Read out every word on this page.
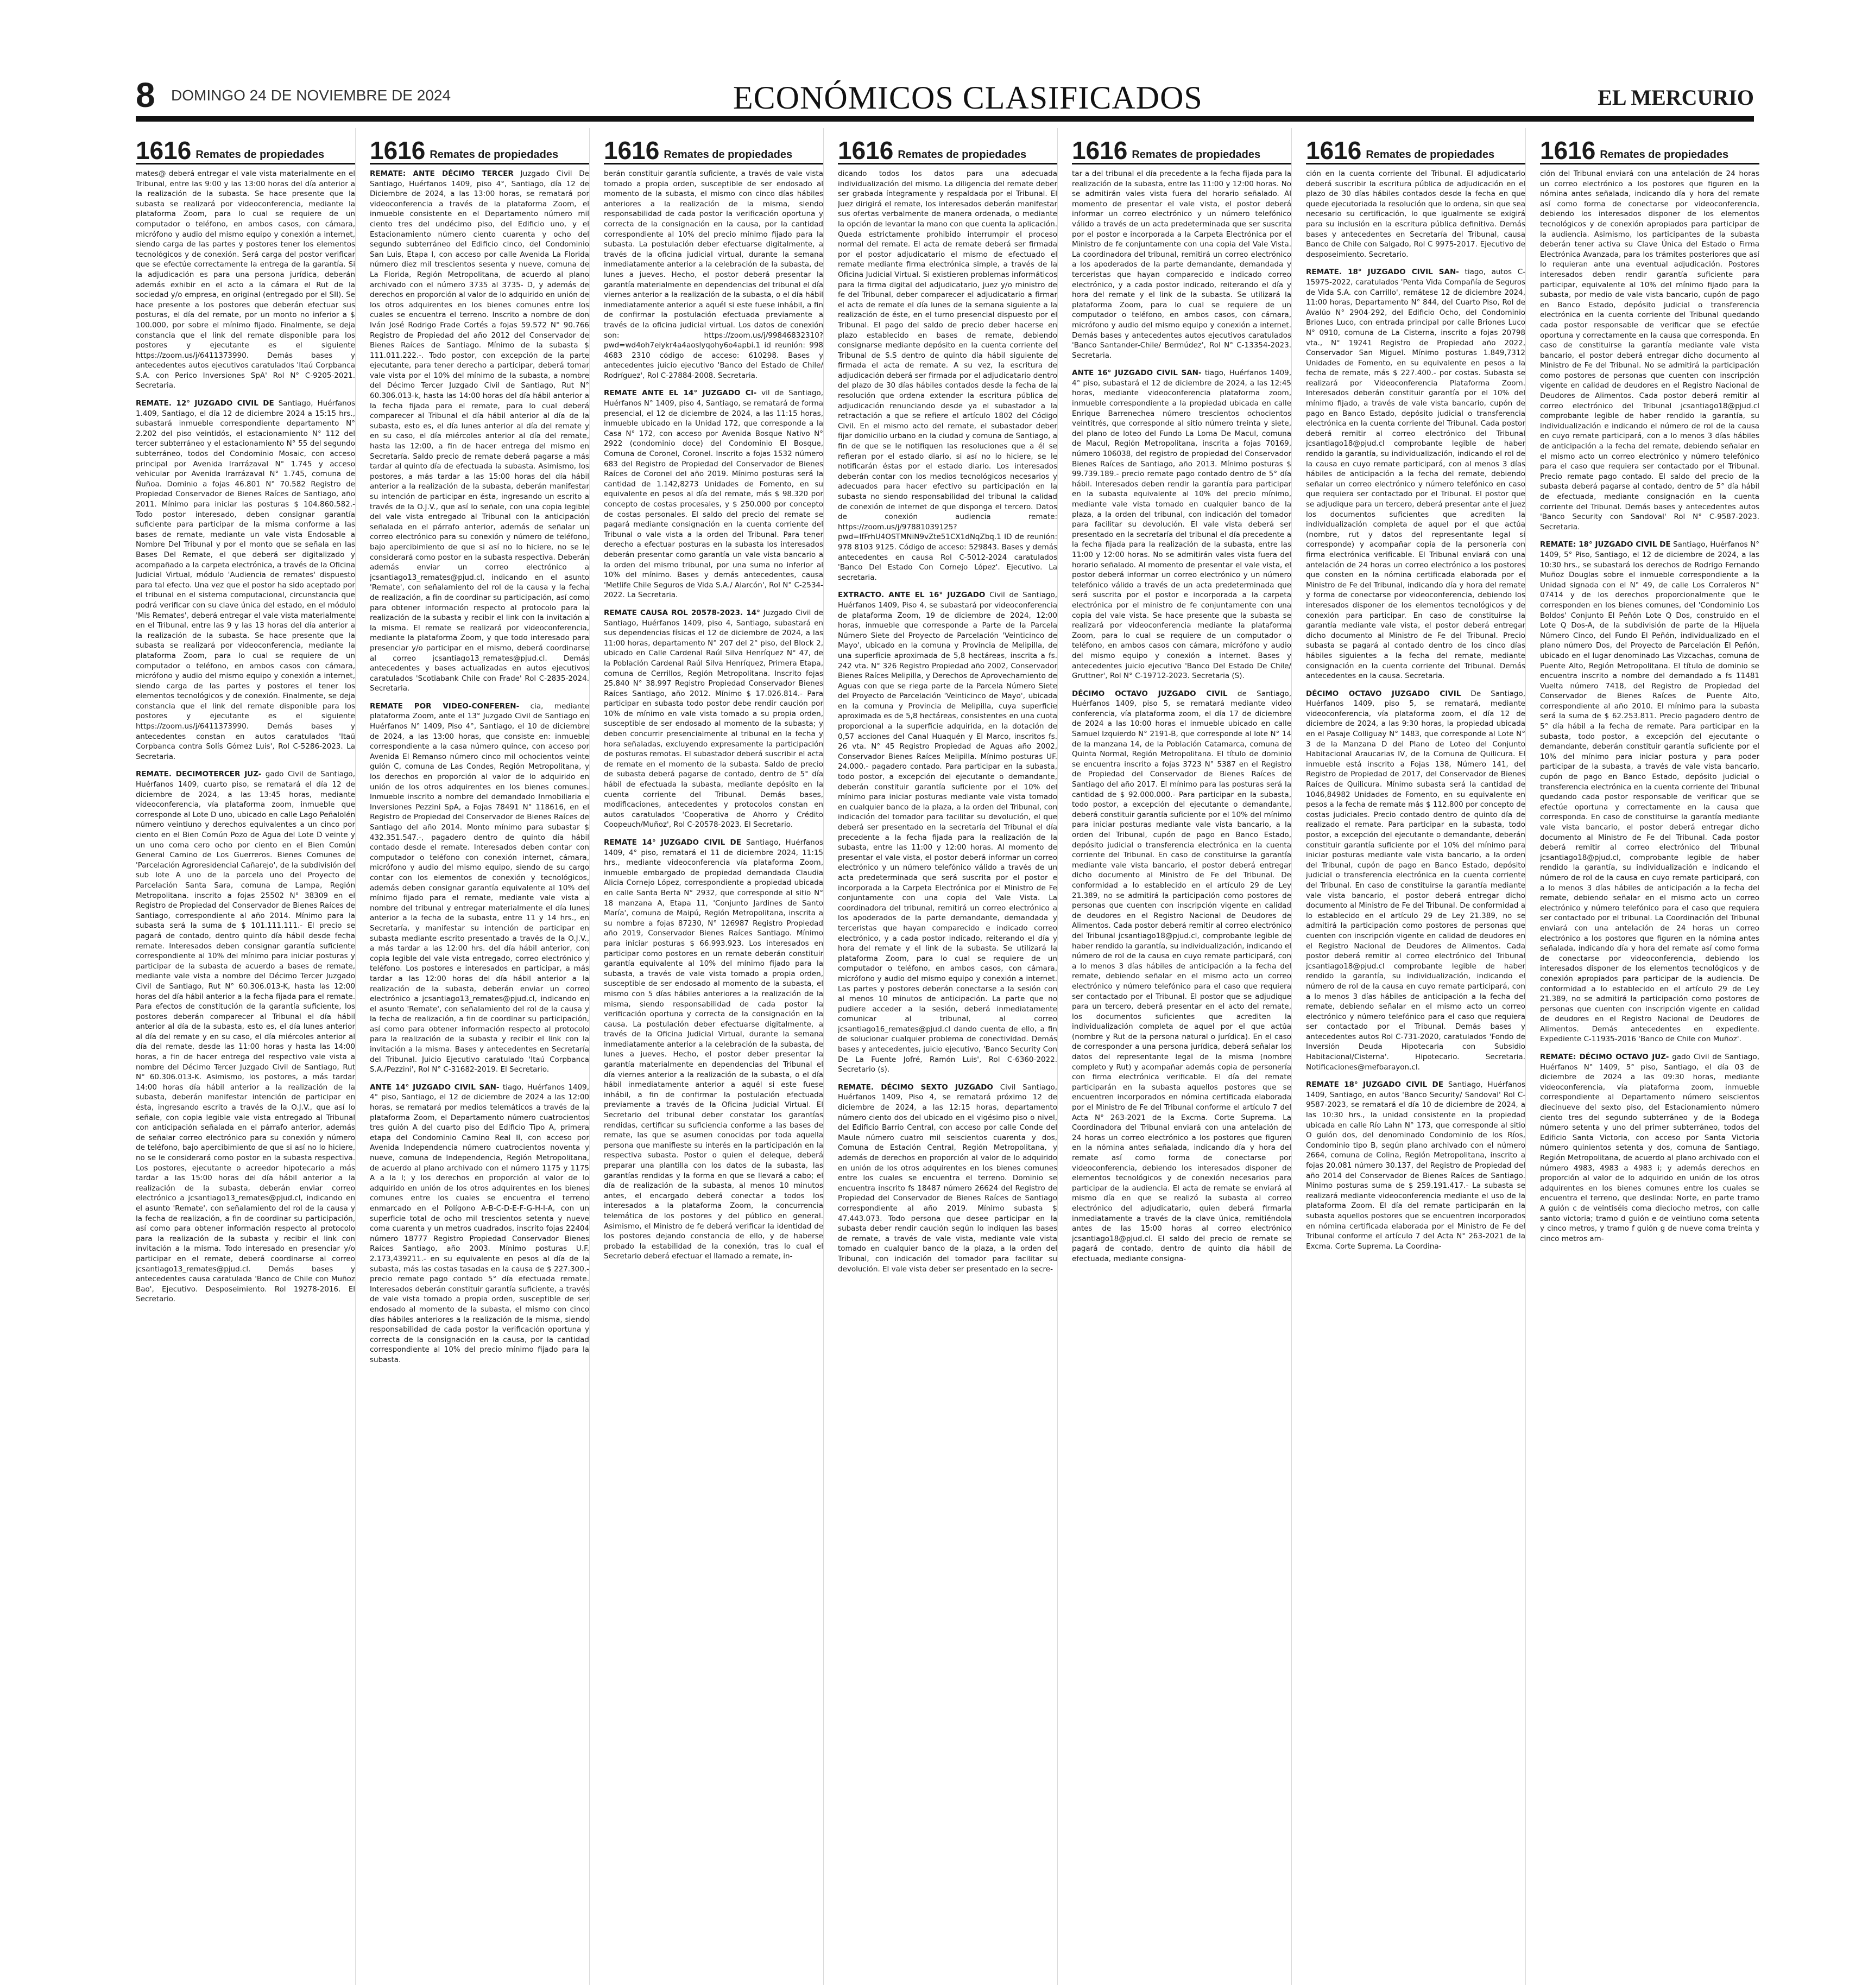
8 DOMINGO 24 DE NOVIEMBRE DE 2024	ECONÓMICOS CLASIFICADOS	EL MERCURIO
1616 Remates de propiedades

mates@ deberá entregar el vale vista materialmente en el Tribunal, entre las 9:00 y las 13:00 horas del día anterior a la realización de la subasta. Se hace presente que la subasta se realizará por videoconferencia, mediante la plataforma Zoom, para lo cual se requiere de un computador o teléfono, en ambos casos, con cámara, micrófono y audio del mismo equipo y conexión a internet, siendo carga de las partes y postores tener los elementos tecnológicos y de conexión. Será carga del postor verificar que se efectúe correctamente la entrega de la garantía. Si la adjudicación es para una persona jurídica, deberán además exhibir en el acto a la cámara el Rut de la sociedad y/o empresa, en original (entregado por el SII). Se hace presente a los postores que deberán efectuar sus posturas, el día del remate, por un monto no inferior a $ 100.000, por sobre el mínimo fijado. Finalmente, se deja constancia que el link del remate disponible para los postores y ejecutante es el siguiente https://zoom.us/j/6411373990. Demás bases y antecedentes autos ejecutivos caratulados 'Itaú Corpbanca S.A. con Perico Inversiones SpA' Rol N° C-9205-2021. Secretaria.

REMATE. 12° JUZGADO CIVIL DE Santiago, Huérfanos 1.409, Santiago, el día 12 de diciembre 2024 a 15:15 hrs., subastará inmueble correspondiente departamento N° 2.202 del piso veintidós, el estacionamiento N° 112 del tercer subterráneo y el estacionamiento N° 55 del segundo subterráneo, todos del Condominio Mosaic, con acceso principal por Avenida Irarrázaval N° 1.745 y acceso vehicular por Avenida Irarrázaval N° 1.745, comuna de Ñuñoa. Dominio a fojas 46.801 N° 70.582 Registro de Propiedad Conservador de Bienes Raíces de Santiago, año 2011. Mínimo para iniciar las posturas $ 104.860.582.- Todo postor interesado, deben consignar garantía suficiente para participar de la misma conforme a las bases de remate, mediante un vale vista Endosable a Nombre Del Tribunal y por el monto que se señala en las Bases Del Remate, el que deberá ser digitalizado y acompañado a la carpeta electrónica, a través de la Oficina Judicial Virtual, módulo 'Audiencia de remates' dispuesto para tal efecto. Una vez que el postor ha sido aceptado por el tribunal en el sistema computacional, circunstancia que podrá verificar con su clave única del estado, en el módulo 'Mis Remates', deberá entregar el vale vista materialmente en el Tribunal, entre las 9 y las 13 horas del día anterior a la realización de la subasta. Se hace presente que la subasta se realizará por videoconferencia, mediante la plataforma Zoom, para lo cual se requiere de un computador o teléfono, en ambos casos con cámara, micrófono y audio del mismo equipo y conexión a internet, siendo carga de las partes y postores el tener los elementos tecnológicos y de conexión. Finalmente, se deja constancia que el link del remate disponible para los postores y ejecutante es el siguiente https://zoom.us/j/6411373990. Demás bases y antecedentes constan en autos caratulados 'Itaú Corpbanca contra Solís Gómez Luis', Rol C-5286-2023. La Secretaria.

REMATE. DECIMOTERCER JUZ- gado Civil de Santiago, Huérfanos 1409, cuarto piso, se rematará el día 12 de diciembre de 2024, a las 13:45 horas, mediante videoconferencia, vía plataforma zoom, inmueble que corresponde al Lote D uno, ubicado en calle Lago Peñalolén número veintiuno y derechos equivalentes a un cinco por ciento en el Bien Común Pozo de Agua del Lote D veinte y un uno coma cero ocho por ciento en el Bien Común General Camino de Los Guerreros. Bienes Comunes de 'Parcelación Agroresidencial Cañarejo', de la subdivisión del sub lote A uno de la parcela uno del Proyecto de Parcelación Santa Sara, comuna de Lampa, Región Metropolitana. inscrito a fojas 25502 N° 38309 en el Registro de Propiedad del Conservador de Bienes Raíces de Santiago, correspondiente al año 2014. Mínimo para la subasta será la suma de $ 101.111.111.- El precio se pagará de contado, dentro quinto día hábil desde fecha remate. Interesados deben consignar garantía suficiente correspondiente al 10% del mínimo para iniciar posturas y participar de la subasta de acuerdo a bases de remate, mediante vale vista a nombre del Décimo Tercer Juzgado Civil de Santiago, Rut N° 60.306.013-K, hasta las 12:00 horas del día hábil anterior a la fecha fijada para el remate. Para efectos de constitución de la garantía suficiente, los postores deberán comparecer al Tribunal el día hábil anterior al día de la subasta, esto es, el día lunes anterior al día del remate y en su caso, el día miércoles anterior al día del remate, desde las 11:00 horas y hasta las 14:00 horas, a fin de hacer entrega del respectivo vale vista a nombre del Décimo Tercer Juzgado Civil de Santiago, Rut N° 60.306.013-K. Asimismo, los postores, a más tardar 14:00 horas día hábil anterior a la realización de la subasta, deberán manifestar intención de participar en ésta, ingresando escrito a través de la O.J.V., que así lo señale, con copia legible vale vista entregado al Tribunal con anticipación señalada en el párrafo anterior, además de señalar correo electrónico para su conexión y número de teléfono, bajo apercibimiento de que si así no lo hiciere, no se le considerará como postor en la subasta respectiva. Los postores, ejecutante o acreedor hipotecario a más tardar a las 15:00 horas del día hábil anterior a la realización de la subasta, deberán enviar correo electrónico a jcsantiago13_remates@pjud.cl, indicando en el asunto 'Remate', con señalamiento del rol de la causa y la fecha de realización, a fin de coordinar su participación, así como para obtener información respecto al protocolo para la realización de la subasta y recibir el link con invitación a la misma. Todo interesado en presenciar y/o participar en el remate, deberá coordinarse al correo jcsantiago13_remates@pjud.cl. Demás bases y antecedentes causa caratulada 'Banco de Chile con Muñoz Bao', Ejecutivo. Desposeimiento. Rol 19278-2016. El Secretario.

1616 Remates de propiedades

REMATE: ANTE DÉCIMO TERCER Juzgado Civil De Santiago, Huérfanos 1409, piso 4°, Santiago, día 12 de Diciembre de 2024, a las 13:00 horas, se rematará por videoconferencia a través de la plataforma Zoom, el inmueble consistente en el Departamento número mil ciento tres del undécimo piso, del Edificio uno, y el Estacionamiento número ciento cuarenta y ocho del segundo subterráneo del Edificio cinco, del Condominio San Luis, Etapa I, con acceso por calle Avenida La Florida número diez mil trescientos sesenta y nueve, comuna de La Florida, Región Metropolitana, de acuerdo al plano archivado con el número 3735 al 3735- D, y además de derechos en proporción al valor de lo adquirido en unión de los otros adquirentes en los bienes comunes entre los cuales se encuentra el terreno. Inscrito a nombre de don Iván José Rodrigo Frade Cortés a fojas 59.572 N° 90.766 Registro de Propiedad del año 2012 del Conservador de Bienes Raíces de Santiago. Mínimo de la subasta $ 111.011.222.-. Todo postor, con excepción de la parte ejecutante, para tener derecho a participar, deberá tomar vale vista por el 10% del mínimo de la subasta, a nombre del Décimo Tercer Juzgado Civil de Santiago, Rut N° 60.306.013-k, hasta las 14:00 horas del día hábil anterior a la fecha fijada para el remate, para lo cual deberá comparecer al Tribunal el día hábil anterior al día de la subasta, esto es, el día lunes anterior al día del remate y en su caso, el día miércoles anterior al día del remate, hasta las 12:00, a fin de hacer entrega del mismo en Secretaría. Saldo precio de remate deberá pagarse a más tardar al quinto día de efectuada la subasta. Asimismo, los postores, a más tardar a las 15:00 horas del día hábil anterior a la realización de la subasta, deberán manifestar su intención de participar en ésta, ingresando un escrito a través de la O.J.V., que así lo señale, con una copia legible del vale vista entregado al Tribunal con la anticipación señalada en el párrafo anterior, además de señalar un correo electrónico para su conexión y número de teléfono, bajo apercibimiento de que si así no lo hiciere, no se le considerará como postor en la subasta respectiva. Deberán además enviar un correo electrónico a jcsantiago13_remates@pjud.cl, indicando en el asunto 'Remate', con señalamiento del rol de la causa y la fecha de realización, a fin de coordinar su participación, así como para obtener información respecto al protocolo para la realización de la subasta y recibir el link con la invitación a la misma. El remate se realizará por videoconferencia, mediante la plataforma Zoom, y que todo interesado para presenciar y/o participar en el mismo, deberá coordinarse al correo jcsantiago13_remates@pjud.cl. Demás antecedentes y bases actualizadas en autos ejecutivos caratulados 'Scotiabank Chile con Frade' Rol C-2835-2024. Secretaria.

REMATE POR VIDEO-CONFEREN- cia, mediante plataforma Zoom, ante el 13° Juzgado Civil de Santiago en Huérfanos N° 1409, Piso 4°, Santiago, el 10 de diciembre de 2024, a las 13:00 horas, que consiste en: inmueble correspondiente a la casa número quince, con acceso por Avenida El Remanso número cinco mil ochocientos veinte guión C, comuna de Las Condes, Región Metropolitana, y los derechos en proporción al valor de lo adquirido en unión de los otros adquirentes en los bienes comunes. Inmueble inscrito a nombre del demandado Inmobiliaria e Inversiones Pezzini SpA, a Fojas 78491 N° 118616, en el Registro de Propiedad del Conservador de Bienes Raíces de Santiago del año 2014. Monto mínimo para subastar $ 432.351.547.-, pagadero dentro de quinto día hábil contado desde el remate. Interesados deben contar con computador o teléfono con conexión internet, cámara, micrófono y audio del mismo equipo, siendo de su cargo contar con los elementos de conexión y tecnológicos, además deben consignar garantía equivalente al 10% del mínimo fijado para el remate, mediante vale vista a nombre del tribunal y entregar materialmente el día lunes anterior a la fecha de la subasta, entre 11 y 14 hrs., en Secretaría, y manifestar su intención de participar en subasta mediante escrito presentado a través de la O.J.V., a más tardar a las 12:00 hrs. del día hábil anterior, con copia legible del vale vista entregado, correo electrónico y teléfono. Los postores e interesados en participar, a más tardar a las 12:00 horas del día hábil anterior a la realización de la subasta, deberán enviar un correo electrónico a jcsantiago13_remates@pjud.cl, indicando en el asunto 'Remate', con señalamiento del rol de la causa y la fecha de realización, a fin de coordinar su participación, así como para obtener información respecto al protocolo para la realización de la subasta y recibir el link con la invitación a la misma. Bases y antecedentes en Secretaría del Tribunal. Juicio Ejecutivo caratulado 'Itaú Corpbanca S.A./Pezzini', Rol N° C-31682-2019. El Secretario.

ANTE 14° JUZGADO CIVIL SAN- tiago, Huérfanos 1409, 4° piso, Santiago, el 12 de diciembre de 2024 a las 12:00 horas, se rematará por medios telemáticos a través de la plataforma Zoom, el Departamento número cuatrocientos tres guión A del cuarto piso del Edificio Tipo A, primera etapa del Condominio Camino Real II, con acceso por Avenida Independencia número cuatrocientos noventa y nueve, comuna de Independencia, Región Metropolitana, de acuerdo al plano archivado con el número 1175 y 1175 A a la I; y los derechos en proporción al valor de lo adquirido en unión de los otros adquirentes en los bienes comunes entre los cuales se encuentra el terreno enmarcado en el Polígono A-B-C-D-E-F-G-H-I-A, con un superficie total de ocho mil trescientos setenta y nueve coma cuarenta y un metros cuadrados, inscrito fojas 22404 número 18777 Registro Propiedad Conservador Bienes Raíces Santiago, año 2003. Mínimo posturas U.F. 2.173,439211.- en su equivalente en pesos al día de la subasta, más las costas tasadas en la causa de $ 227.300.- precio remate pago contado 5° día efectuada remate. Interesados deberán constituir garantía suficiente, a través de vale vista tomado a propia orden, susceptible de ser endosado al momento de la subasta, el mismo con cinco días hábiles anteriores a la realización de la misma, siendo responsabilidad de cada postor la verificación oportuna y correcta de la consignación en la causa, por la cantidad correspondiente al 10% del precio mínimo fijado para la subasta.

1616 Remates de propiedades

berán constituir garantía suficiente, a través de vale vista tomado a propia orden, susceptible de ser endosado al momento de la subasta, el mismo con cinco días hábiles anteriores a la realización de la misma, siendo responsabilidad de cada postor la verificación oportuna y correcta de la consignación en la causa, por la cantidad correspondiente al 10% del precio mínimo fijado para la subasta. La postulación deber efectuarse digitalmente, a través de la oficina judicial virtual, durante la semana inmediatamente anterior a la celebración de la subasta, de lunes a jueves. Hecho, el postor deberá presentar la garantía materialmente en dependencias del tribunal el día viernes anterior a la realización de la subasta, o el día hábil inmediatamente anterior a aquél si este fuese inhábil, a fin de confirmar la postulación efectuada previamente a través de la oficina judicial virtual. Los datos de conexión son: https://zoom.us/j/99846832310?pwd=wd4oh7eiykr4a4aoslyqohy6o4apbi.1 id reunión: 998 4683 2310 código de acceso: 610298. Bases y antecedentes juicio ejecutivo 'Banco del Estado de Chile/ Rodríguez', Rol C-27884-2008. Secretaria.

REMATE ANTE EL 14° JUZGADO CI- vil de Santiago, Huérfanos N° 1409, piso 4, Santiago, se rematará de forma presencial, el 12 de diciembre de 2024, a las 11:15 horas, inmueble ubicado en la Unidad 172, que corresponde a la Casa N° 172, con acceso por Avenida Bosque Nativo N° 2922 (condominio doce) del Condominio El Bosque, Comuna de Coronel, Coronel. Inscrito a fojas 1532 número 683 del Registro de Propiedad del Conservador de Bienes Raíces de Coronel del año 2019. Mínimo posturas será la cantidad de 1.142,8273 Unidades de Fomento, en su equivalente en pesos al día del remate, más $ 98.320 por concepto de costas procesales, y $ 250.000 por concepto de costas personales. El saldo del precio del remate se pagará mediante consignación en la cuenta corriente del Tribunal o vale vista a la orden del Tribunal. Para tener derecho a efectuar posturas en la subasta los interesados deberán presentar como garantía un vale vista bancario a la orden del mismo tribunal, por una suma no inferior al 10% del mínimo. Bases y demás antecedentes, causa 'Metlife Chile Seguros de Vida S.A./ Alarcón', Rol N° C-2534-2022. La Secretaria.

REMATE CAUSA ROL 20578-2023. 14° Juzgado Civil de Santiago, Huérfanos 1409, piso 4, Santiago, subastará en sus dependencias físicas el 12 de diciembre de 2024, a las 11:00 horas, departamento N° 207 del 2° piso, del Block 2, ubicado en Calle Cardenal Raúl Silva Henríquez N° 47, de la Población Cardenal Raúl Silva Henríquez, Primera Etapa, comuna de Cerrillos, Región Metropolitana. Inscrito fojas 25.840 N° 38.997 Registro Propiedad Conservador Bienes Raíces Santiago, año 2012. Mínimo $ 17.026.814.- Para participar en subasta todo postor debe rendir caución por 10% de mínimo en vale vista tomado a su propia orden, susceptible de ser endosado al momento de la subasta; y deben concurrir presencialmente al tribunal en la fecha y hora señaladas, excluyendo expresamente la participación de posturas remotas. El subastador deberá suscribir el acta de remate en el momento de la subasta. Saldo de precio de subasta deberá pagarse de contado, dentro de 5° día hábil de efectuada la subasta, mediante depósito en la cuenta corriente del Tribunal. Demás bases, modificaciones, antecedentes y protocolos constan en autos caratulados 'Cooperativa de Ahorro y Crédito Coopeuch/Muñoz', Rol C-20578-2023. El Secretario.

REMATE 14° JUZGADO CIVIL DE Santiago, Huérfanos 1409, 4° piso, rematará el 11 de diciembre 2024, 11:15 hrs., mediante videoconferencia vía plataforma Zoom, inmueble embargado de propiedad demandada Claudia Alicia Cornejo López, correspondiente a propiedad ubicada en calle Santa Berta N° 2932, que corresponde al sitio N° 18 manzana A, Etapa 11, 'Conjunto Jardines de Santo María', comuna de Maipú, Región Metropolitana, inscrita a su nombre a fojas 87230, N° 126987 Registro Propiedad año 2019, Conservador Bienes Raíces Santiago. Mínimo para iniciar posturas $ 66.993.923. Los interesados en participar como postores en un remate deberán constituir garantía equivalente al 10% del mínimo fijado para la subasta, a través de vale vista tomado a propia orden, susceptible de ser endosado al momento de la subasta, el mismo con 5 días hábiles anteriores a la realización de la misma, siendo responsabilidad de cada postor la verificación oportuna y correcta de la consignación en la causa. La postulación deber efectuarse digitalmente, a través de la Oficina Judicial Virtual, durante la semana inmediatamente anterior a la celebración de la subasta, de lunes a jueves. Hecho, el postor deber presentar la garantía materialmente en dependencias del Tribunal el día viernes anterior a la realización de la subasta, o el día hábil inmediatamente anterior a aquél si este fuese inhábil, a fin de confirmar la postulación efectuada previamente a través de la Oficina Judicial Virtual. El Secretario del tribunal deber constatar los garantías rendidas, certificar su suficiencia conforme a las bases de remate, las que se asumen conocidas por toda aquella persona que manifieste su interés en la participación en la respectiva subasta. Postor o quien el deleque, deberá preparar una plantilla con los datos de la subasta, las garantías rendidas y la forma en que se llevará a cabo; el día de realización de la subasta, al menos 10 minutos antes, el encargado deberá conectar a todos los interesados a la plataforma Zoom, la concurrencia telemática de los postores y del público en general. Asimismo, el Ministro de fe deberá verificar la identidad de los postores dejando constancia de ello, y de haberse probado la estabilidad de la conexión, tras lo cual el Secretario deberá efectuar el llamado a remate, in-

1616 Remates de propiedades

dicando todos los datos para una adecuada individualización del mismo. La diligencia del remate deber ser grabada íntegramente y respaldada por el Tribunal. El Juez dirigirá el remate, los interesados deberán manifestar sus ofertas verbalmente de manera ordenada, o mediante la opción de levantar la mano con que cuenta la aplicación. Queda estrictamente prohibido interrumpir el proceso normal del remate. El acta de remate deberá ser firmada por el postor adjudicatario el mismo de efectuado el remate mediante firma electrónica simple, a través de la Oficina Judicial Virtual. Si existieren problemas informáticos para la firma digital del adjudicatario, juez y/o ministro de fe del Tribunal, deber comparecer el adjudicatario a firmar el acta de remate el día lunes de la semana siguiente a la realización de éste, en el turno presencial dispuesto por el Tribunal. El pago del saldo de precio deber hacerse en plazo establecido en bases de remate, debiendo consignarse mediante depósito en la cuenta corriente del Tribunal de S.S dentro de quinto día hábil siguiente de firmada el acta de remate. A su vez, la escritura de adjudicación deberá ser firmada por el adjudicatario dentro del plazo de 30 días hábiles contados desde la fecha de la resolución que ordena extender la escritura pública de adjudicación renunciando desde ya el subastador a la retractación a que se refiere el artículo 1802 del Código Civil. En el mismo acto del remate, el subastador deber fijar domicilio urbano en la ciudad y comuna de Santiago, a fin de que se le notifiquen las resoluciones que a él se refieran por el estado diario, si así no lo hiciere, se le notificarán éstas por el estado diario. Los interesados deberán contar con los medios tecnológicos necesarios y adecuados para hacer efectivo su participación en la subasta no siendo responsabilidad del tribunal la calidad de conexión de internet de que disponga el tercero. Datos de conexión audiencia remate: https://zoom.us/j/97881039125?pwd=IfFrhU4OSTMNiN9vZte51CX1dNqZbq.1 ID de reunión: 978 8103 9125. Código de acceso: 529843. Bases y demás antecedentes en causa Rol C-5012-2024 caratulados 'Banco Del Estado Con Cornejo López'. Ejecutivo. La secretaria.

EXTRACTO. ANTE EL 16° JUZGADO Civil de Santiago, Huérfanos 1409, Piso 4, se subastará por videoconferencia de plataforma Zoom, 19 de diciembre de 2024, 12:00 horas, inmueble que corresponde a Parte de la Parcela Número Siete del Proyecto de Parcelación 'Veinticinco de Mayo', ubicado en la comuna y Provincia de Melipilla, de una superficie aproximada de 5,8 hectáreas, inscrita a fs. 242 vta. N° 326 Registro Propiedad año 2002, Conservador Bienes Raíces Melipilla, y Derechos de Aprovechamiento de Aguas con que se riega parte de la Parcela Número Siete del Proyecto de Parcelación 'Veinticinco de Mayo', ubicada en la comuna y Provincia de Melipilla, cuya superficie aproximada es de 5,8 hectáreas, consistentes en una cuota proporcional a la superficie adquirida, en la dotación de 0,57 acciones del Canal Huaquén y El Marco, inscritos fs. 26 vta. N° 45 Registro Propiedad de Aguas año 2002, Conservador Bienes Raíces Melipilla. Mínimo posturas UF. 24.000.- pagadero contado. Para participar en la subasta, todo postor, a excepción del ejecutante o demandante, deberán constituir garantía suficiente por el 10% del mínimo para iniciar posturas mediante vale vista tomado en cualquier banco de la plaza, a la orden del Tribunal, con indicación del tomador para facilitar su devolución, el que deberá ser presentado en la secretaría del Tribunal el día precedente a la fecha fijada para la realización de la subasta, entre las 11:00 y 12:00 horas. Al momento de presentar el vale vista, el postor deberá informar un correo electrónico y un número telefónico válido a través de un acta predeterminada que será suscrita por el postor e incorporada a la Carpeta Electrónica por el Ministro de Fe conjuntamente con una copia del Vale Vista. La coordinadora del tribunal, remitirá un correo electrónico a los apoderados de la parte demandante, demandada y terceristas que hayan comparecido e indicado correo electrónico, y a cada postor indicado, reiterando el día y hora del remate y el link de la subasta. Se utilizará la plataforma Zoom, para lo cual se requiere de un computador o teléfono, en ambos casos, con cámara, micrófono y audio del mismo equipo y conexión a internet. Las partes y postores deberán conectarse a la sesión con al menos 10 minutos de anticipación. La parte que no pudiere acceder a la sesión, deberá inmediatamente comunicar al tribunal, al correo jcsantiago16_remates@pjud.cl dando cuenta de ello, a fin de solucionar cualquier problema de conectividad. Demás bases y antecedentes, juicio ejecutivo, 'Banco Security Con De La Fuente Jofré, Ramón Luis', Rol C-6360-2022. Secretario (s).

REMATE. DÉCIMO SEXTO JUZGADO Civil Santiago, Huérfanos 1409, Piso 4, se rematará próximo 12 de diciembre de 2024, a las 12:15 horas, departamento número ciento dos del ubicado en el vigésimo piso o nivel, del Edificio Barrio Central, con acceso por calle Conde del Maule número cuatro mil seiscientos cuarenta y dos, Comuna de Estación Central, Región Metropolitana, y además de derechos en proporción al valor de lo adquirido en unión de los otros adquirentes en los bienes comunes entre los cuales se encuentra el terreno. Dominio se encuentra inscrito fs 18487 número 26624 del Registro de Propiedad del Conservador de Bienes Raíces de Santiago correspondiente al año 2019. Mínimo subasta $ 47.443.073. Todo persona que desee participar en la subasta deber rendir caución según lo indiquen las bases de remate, a través de vale vista, mediante vale vista tomado en cualquier banco de la plaza, a la orden del Tribunal, con indicación del tomador para facilitar su devolución. El vale vista deber ser presentado en la secre-

1616 Remates de propiedades

tar a del tribunal el día precedente a la fecha fijada para la realización de la subasta, entre las 11:00 y 12:00 horas. No se admitirán vales vista fuera del horario señalado. Al momento de presentar el vale vista, el postor deberá informar un correo electrónico y un número telefónico válido a través de un acta predeterminada que ser suscrita por el postor e incorporada a la Carpeta Electrónica por el Ministro de fe conjuntamente con una copia del Vale Vista. La coordinadora del tribunal, remitirá un correo electrónico a los apoderados de la parte demandante, demandada y terceristas que hayan comparecido e indicado correo electrónico, y a cada postor indicado, reiterando el día y hora del remate y el link de la subasta. Se utilizará la plataforma Zoom, para lo cual se requiere de un computador o teléfono, en ambos casos, con cámara, micrófono y audio del mismo equipo y conexión a internet. Demás bases y antecedentes autos ejecutivos caratulados 'Banco Santander-Chile/ Bermúdez', Rol N° C-13354-2023. Secretaria.

ANTE 16° JUZGADO CIVIL SAN- tiago, Huérfanos 1409, 4° piso, subastará el 12 de diciembre de 2024, a las 12:45 horas, mediante videoconferencia plataforma zoom, inmueble correspondiente a la propiedad ubicada en calle Enrique Barrenechea número trescientos ochocientos veintitrés, que corresponde al sitio número treinta y siete, del plano de loteo del Fundo La Loma De Macul, comuna de Macul, Región Metropolitana, inscrita a fojas 70169, número 106038, del registro de propiedad del Conservador Bienes Raíces de Santiago, año 2013. Mínimo posturas $ 99.739.189.- precio remate pago contado dentro de 5° día hábil. Interesados deben rendir la garantía para participar en la subasta equivalente al 10% del precio mínimo, mediante vale vista tomado en cualquier banco de la plaza, a la orden del tribunal, con indicación del tomador para facilitar su devolución. El vale vista deberá ser presentado en la secretaría del tribunal el día precedente a la fecha fijada para la realización de la subasta, entre las 11:00 y 12:00 horas. No se admitirán vales vista fuera del horario señalado. Al momento de presentar el vale vista, el postor deberá informar un correo electrónico y un número telefónico válido a través de un acta predeterminada que será suscrita por el postor e incorporada a la carpeta electrónica por el ministro de fe conjuntamente con una copia del vale vista. Se hace presente que la subasta se realizará por videoconferencia mediante la plataforma Zoom, para lo cual se requiere de un computador o teléfono, en ambos casos con cámara, micrófono y audio del mismo equipo y conexión a internet. Bases y antecedentes juicio ejecutivo 'Banco Del Estado De Chile/ Gruttner', Rol N° C-19712-2023. Secretaria (S).

DÉCIMO OCTAVO JUZGADO CIVIL de Santiago, Huérfanos 1409, piso 5, se rematará mediante video conferencia, vía plataforma zoom, el día 17 de diciembre de 2024 a las 10:00 horas el inmueble ubicado en calle Samuel Izquierdo N° 2191-B, que corresponde al lote N° 14 de la manzana 14, de la Población Catamarca, comuna de Quinta Normal, Región Metropolitana. El título de dominio se encuentra inscrito a fojas 3723 N° 5387 en el Registro de Propiedad del Conservador de Bienes Raíces de Santiago del año 2017. El mínimo para las posturas será la cantidad de $ 92.000.000.- Para participar en la subasta, todo postor, a excepción del ejecutante o demandante, deberá constituir garantía suficiente por el 10% del mínimo para iniciar posturas mediante vale vista bancario, a la orden del Tribunal, cupón de pago en Banco Estado, depósito judicial o transferencia electrónica en la cuenta corriente del Tribunal. En caso de constituirse la garantía mediante vale vista bancario, el postor deberá entregar dicho documento al Ministro de Fe del Tribunal. De conformidad a lo establecido en el artículo 29 de Ley 21.389, no se admitirá la participación como postores de personas que cuenten con inscripción vigente en calidad de deudores en el Registro Nacional de Deudores de Alimentos. Cada postor deberá remitir al correo electrónico del Tribunal jcsantiago18@pjud.cl, comprobante legible de haber rendido la garantía, su individualización, indicando el número de rol de la causa en cuyo remate participará, con a lo menos 3 días hábiles de anticipación a la fecha del remate, debiendo señalar en el mismo acto un correo electrónico y número telefónico para el caso que requiera ser contactado por el Tribunal. El postor que se adjudique para un tercero, deberá presentar en el acto del remate, los documentos suficientes que acrediten la individualización completa de aquel por el que actúa (nombre y Rut de la persona natural o jurídica). En el caso de corresponder a una persona jurídica, deberá señalar los datos del representante legal de la misma (nombre completo y Rut) y acompañar además copia de personería con firma electrónica verificable. El día del remate participarán en la subasta aquellos postores que se encuentren incorporados en nómina certificada elaborada por el Ministro de Fe del Tribunal conforme el artículo 7 del Acta N° 263-2021 de la Excma. Corte Suprema. La Coordinadora del Tribunal enviará con una antelación de 24 horas un correo electrónico a los postores que figuren en la nómina antes señalada, indicando día y hora del remate así como forma de conectarse por videoconferencia, debiendo los interesados disponer de elementos tecnológicos y de conexión necesarios para participar de la audiencia. El acta de remate se enviará al mismo día en que se realizó la subasta al correo electrónico del adjudicatario, quien deberá firmarla inmediatamente a través de la clave única, remitiéndola antes de las 15:00 horas al correo electrónico jcsantiago18@pjud.cl. El saldo del precio de remate se pagará de contado, dentro de quinto día hábil de efectuada, mediante consigna-

1616 Remates de propiedades

ción en la cuenta corriente del Tribunal. El adjudicatario deberá suscribir la escritura pública de adjudicación en el plazo de 30 días hábiles contados desde la fecha en que quede ejecutoriada la resolución que lo ordena, sin que sea necesario su certificación, lo que igualmente se exigirá para su inclusión en la escritura pública definitiva. Demás bases y antecedentes en Secretaría del Tribunal, causa Banco de Chile con Salgado, Rol C 9975-2017. Ejecutivo de desposeimiento. Secretario.

REMATE. 18° JUZGADO CIVIL SAN- tiago, autos C-15975-2022, caratulados 'Penta Vida Compañía de Seguros de Vida S.A. con Carrillo', remátese 12 de diciembre 2024, 11:00 horas, Departamento N° 844, del Cuarto Piso, Rol de Avalúo N° 2904-292, del Edificio Ocho, del Condominio Briones Luco, con entrada principal por calle Briones Luco N° 0910, comuna de La Cisterna, inscrito a fojas 20798 vta., N° 19241 Registro de Propiedad año 2022, Conservador San Miguel. Mínimo posturas 1.849,7312 Unidades de Fomento, en su equivalente en pesos a la fecha de remate, más $ 227.400.- por costas. Subasta se realizará por Videoconferencia Plataforma Zoom. Interesados deberán constituir garantía por el 10% del mínimo fijado, a través de vale vista bancario, cupón de pago en Banco Estado, depósito judicial o transferencia electrónica en la cuenta corriente del Tribunal. Cada postor deberá remitir al correo electrónico del Tribunal jcsantiago18@pjud.cl comprobante legible de haber rendido la garantía, su individualización, indicando el rol de la causa en cuyo remate participará, con al menos 3 días hábiles de anticipación a la fecha del remate, debiendo señalar un correo electrónico y número telefónico en caso que requiera ser contactado por el Tribunal. El postor que se adjudique para un tercero, deberá presentar ante el juez los documentos suficientes que acrediten la individualización completa de aquel por el que actúa (nombre, rut y datos del representante legal si corresponde) y acompañar copia de la personería con firma electrónica verificable. El Tribunal enviará con una antelación de 24 horas un correo electrónico a los postores que consten en la nómina certificada elaborada por el Ministro de Fe del Tribunal, indicando día y hora del remate y forma de conectarse por videoconferencia, debiendo los interesados disponer de los elementos tecnológicos y de conexión para participar. En caso de constituirse la garantía mediante vale vista, el postor deberá entregar dicho documento al Ministro de Fe del Tribunal. Precio subasta se pagará al contado dentro de los cinco días hábiles siguientes a la fecha del remate, mediante consignación en la cuenta corriente del Tribunal. Demás antecedentes en la causa. Secretaria.

DÉCIMO OCTAVO JUZGADO CIVIL De Santiago, Huérfanos 1409, piso 5, se rematará, mediante videoconferencia, vía plataforma zoom, el día 12 de diciembre de 2024, a las 9:30 horas, la propiedad ubicada en el Pasaje Colliguay N° 1483, que corresponde al Lote N° 3 de la Manzana D del Plano de Loteo del Conjunto Habitacional Araucarias IV, de la Comuna de Quilicura. El inmueble está inscrito a Fojas 138, Número 141, del Registro de Propiedad de 2017, del Conservador de Bienes Raíces de Quilicura. Mínimo subasta será la cantidad de 1046,84982 Unidades de Fomento, en su equivalente en pesos a la fecha de remate más $ 112.800 por concepto de costas judiciales. Precio contado dentro de quinto día de realizado el remate. Para participar en la subasta, todo postor, a excepción del ejecutante o demandante, deberán constituir garantía suficiente por el 10% del mínimo para iniciar posturas mediante vale vista bancario, a la orden del Tribunal, cupón de pago en Banco Estado, depósito judicial o transferencia electrónica en la cuenta corriente del Tribunal. En caso de constituirse la garantía mediante vale vista bancario, el postor deberá entregar dicho documento al Ministro de Fe del Tribunal. De conformidad a lo establecido en el artículo 29 de Ley 21.389, no se admitirá la participación como postores de personas que cuenten con inscripción vigente en calidad de deudores en el Registro Nacional de Deudores de Alimentos. Cada postor deberá remitir al correo electrónico del Tribunal jcsantiago18@pjud.cl comprobante legible de haber rendido la garantía, su individualización, indicando el número de rol de la causa en cuyo remate participará, con a lo menos 3 días hábiles de anticipación a la fecha del remate, debiendo señalar en el mismo acto un correo electrónico y número telefónico para el caso que requiera ser contactado por el Tribunal. Demás bases y antecedentes autos Rol C-731-2020, caratulados 'Fondo de Inversión Deuda Hipotecaria con Subsidio Habitacional/Cisterna'. Hipotecario. Secretaria. Notificaciones@mefbarayon.cl.

REMATE 18° JUZGADO CIVIL DE Santiago, Huérfanos 1409, Santiago, en autos 'Banco Security/ Sandoval' Rol C-9587-2023, se rematará el día 10 de diciembre de 2024, a las 10:30 hrs., la unidad consistente en la propiedad ubicada en calle Río Lahn N° 173, que corresponde al sitio O guión dos, del denominado Condominio de los Ríos, Condominio tipo B, según plano archivado con el número 2664, comuna de Colina, Región Metropolitana, inscrito a fojas 20.081 número 30.137, del Registro de Propiedad del año 2014 del Conservador de Bienes Raíces de Santiago. Mínimo posturas suma de $ 259.191.417.- La subasta se realizará mediante videoconferencia mediante el uso de la plataforma Zoom. El día del remate participarán en la subasta aquellos postores que se encuentren incorporados en nómina certificada elaborada por el Ministro de Fe del Tribunal conforme el artículo 7 del Acta N° 263-2021 de la Excma. Corte Suprema. La Coordina-

1616 Remates de propiedades

ción del Tribunal enviará con una antelación de 24 horas un correo electrónico a los postores que figuren en la nómina antes señalada, indicando día y hora del remate así como forma de conectarse por videoconferencia, debiendo los interesados disponer de los elementos tecnológicos y de conexión apropiados para participar de la audiencia. Asimismo, los participantes de la subasta deberán tener activa su Clave Única del Estado o Firma Electrónica Avanzada, para los trámites posteriores que así lo requieran ante una eventual adjudicación. Postores interesados deben rendir garantía suficiente para participar, equivalente al 10% del mínimo fijado para la subasta, por medio de vale vista bancario, cupón de pago en Banco Estado, depósito judicial o transferencia electrónica en la cuenta corriente del Tribunal quedando cada postor responsable de verificar que se efectúe oportuna y correctamente en la causa que corresponda. En caso de constituirse la garantía mediante vale vista bancario, el postor deberá entregar dicho documento al Ministro de Fe del Tribunal. No se admitirá la participación como postores de personas que cuenten con inscripción vigente en calidad de deudores en el Registro Nacional de Deudores de Alimentos. Cada postor deberá remitir al correo electrónico del Tribunal jcsantiago18@pjud.cl comprobante legible de haber rendido la garantía, su individualización e indicando el número de rol de la causa en cuyo remate participará, con a lo menos 3 días hábiles de anticipación a la fecha del remate, debiendo señalar en el mismo acto un correo electrónico y número telefónico para el caso que requiera ser contactado por el Tribunal. Precio remate pago contado. El saldo del precio de la subasta deberá pagarse al contado, dentro de 5° día hábil de efectuada, mediante consignación en la cuenta corriente del Tribunal. Demás bases y antecedentes autos 'Banco Security con Sandoval' Rol N° C-9587-2023. Secretaria.

REMATE: 18° JUZGADO CIVIL DE Santiago, Huérfanos N° 1409, 5° Piso, Santiago, el 12 de diciembre de 2024, a las 10:30 hrs., se subastará los derechos de Rodrigo Fernando Muñoz Douglas sobre el inmueble correspondiente a la Unidad signada con el N° 49, de calle Los Corraleros N° 07414 y de los derechos proporcionalmente que le corresponden en los bienes comunes, del 'Condominio Los Boldos' Conjunto El Peñón Lote Q Dos, construido en el Lote Q Dos-A, de la subdivisión de parte de la Hijuela Número Cinco, del Fundo El Peñón, individualizado en el plano número Dos, del Proyecto de Parcelación El Peñón, ubicado en el lugar denominado Las Vizcachas, comuna de Puente Alto, Región Metropolitana. El título de dominio se encuentra inscrito a nombre del demandado a fs 11481 Vuelta número 7418, del Registro de Propiedad del Conservador de Bienes Raíces de Puente Alto, correspondiente al año 2010. El mínimo para la subasta será la suma de $ 62.253.811. Precio pagadero dentro de 5° día hábil a la fecha de remate. Para participar en la subasta, todo postor, a excepción del ejecutante o demandante, deberán constituir garantía suficiente por el 10% del mínimo para iniciar postura y para poder participar de la subasta, a través de vale vista bancario, cupón de pago en Banco Estado, depósito judicial o transferencia electrónica en la cuenta corriente del Tribunal quedando cada postor responsable de verificar que se efectúe oportuna y correctamente en la causa que corresponda. En caso de constituirse la garantía mediante vale vista bancario, el postor deberá entregar dicho documento al Ministro de Fe del Tribunal. Cada postor deberá remitir al correo electrónico del Tribunal jcsantiago18@pjud.cl, comprobante legible de haber rendido la garantía, su individualización e indicando el número de rol de la causa en cuyo remate participará, con a lo menos 3 días hábiles de anticipación a la fecha del remate, debiendo señalar en el mismo acto un correo electrónico y número telefónico para el caso que requiera ser contactado por el tribunal. La Coordinación del Tribunal enviará con una antelación de 24 horas un correo electrónico a los postores que figuren en la nómina antes señalada, indicando día y hora del remate así como forma de conectarse por videoconferencia, debiendo los interesados disponer de los elementos tecnológicos y de conexión apropiados para participar de la audiencia. De conformidad a lo establecido en el artículo 29 de Ley 21.389, no se admitirá la participación como postores de personas que cuenten con inscripción vigente en calidad de deudores en el Registro Nacional de Deudores de Alimentos. Demás antecedentes en expediente. Expediente C-11935-2016 'Banco de Chile con Muñoz'.

REMATE: DÉCIMO OCTAVO JUZ- gado Civil de Santiago, Huérfanos N° 1409, 5° piso, Santiago, el día 03 de diciembre de 2024 a las 09:30 horas, mediante videoconferencia, vía plataforma zoom, inmueble correspondiente al Departamento número seiscientos diecinueve del sexto piso, del Estacionamiento número ciento tres del segundo subterráneo y de la Bodega número setenta y uno del primer subterráneo, todos del Edificio Santa Victoria, con acceso por Santa Victoria número quinientos setenta y dos, comuna de Santiago, Región Metropolitana, de acuerdo al plano archivado con el número 4983, 4983 a 4983 i; y además derechos en proporción al valor de lo adquirido en unión de los otros adquirentes en los bienes comunes entre los cuales se encuentra el terreno, que deslinda: Norte, en parte tramo A guión c de veintiséis coma dieciocho metros, con calle santo victoria; tramo d guión e de veintiuno coma setenta y cinco metros, y tramo f guión g de nueve coma treinta y cinco metros am-
